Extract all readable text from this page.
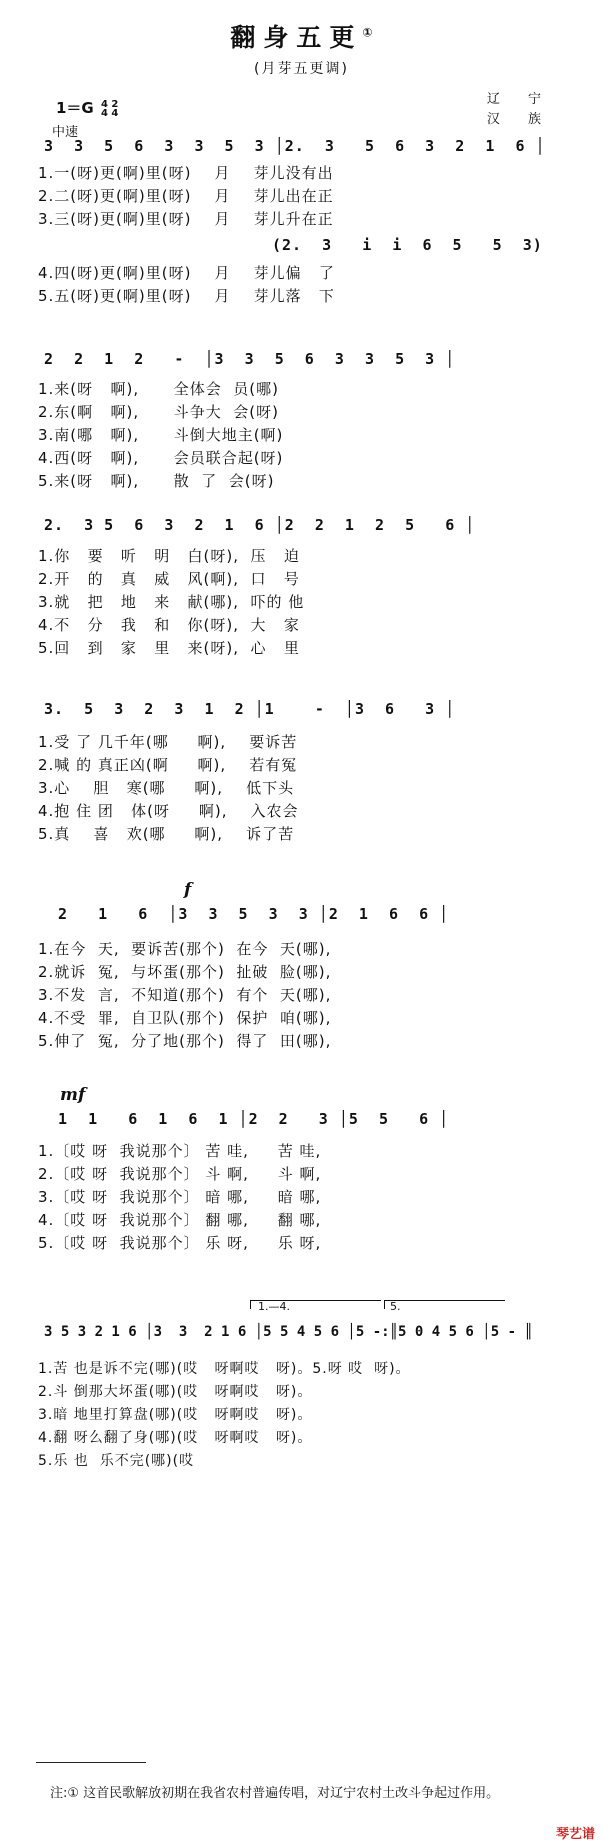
翻身五更①
(月芽五更调)
辽 宁
汉 族
1＝G 4 2
4 4
中速
3  3  5  6  3  3  5  3 │2.  3   5  6  3  2  1  6 │
1.一(呀)更(啊)里(呀)    月    芽儿没有出
2.二(呀)更(啊)里(呀)    月    芽儿出在正
3.三(呀)更(啊)里(呀)    月    芽儿升在正
(2.  3   i  i  6  5   5  3)
4.四(呀)更(啊)里(呀)    月    芽儿偏   了
5.五(呀)更(啊)里(呀)    月    芽儿落   下
2  2  1  2   -  │3  3  5  6  3  3  5  3 │
1.来(呀   啊),      全体会  员(哪)
2.东(啊   啊),      斗争大  会(呀)
3.南(哪   啊),      斗倒大地主(啊)
4.西(呀   啊),      会员联合起(呀)
5.来(呀   啊),      散  了  会(呀)
2.  3 5  6  3  2  1  6 │2  2  1  2  5   6 │
1.你   要   听   明   白(呀),  压   迫
2.开   的   真   威   风(啊),  口   号
3.就   把   地   来   献(哪),  吓的 他
4.不   分   我   和   你(呀),  大   家
5.回   到   家   里   来(呀),  心   里
3.  5  3  2  3  1  2 │1    -  │3  6   3 │
1.受 了 几千年(哪     啊),    要诉苦
2.喊 的 真正凶(啊     啊),    若有冤
3.心    胆   寒(哪     啊),    低下头
4.抱 住 团   体(呀     啊),    入农会
5.真    喜   欢(哪     啊),    诉了苦
f
2   1   6  │3  3  5  3  3 │2  1  6  6 │
1.在今  天,  要诉苦(那个)  在今  天(哪),
2.就诉  冤,  与坏蛋(那个)  扯破  脸(哪),
3.不发  言,  不知道(那个)  有个  天(哪),
4.不受  罪,  自卫队(那个)  保护  咱(哪),
5.伸了  冤,  分了地(那个)  得了  田(哪),
mf
1  1   6  1  6  1 │2  2   3 │5  5   6 │
1.〔哎 呀  我说那个〕 苦 哇,     苦 哇,
2.〔哎 呀  我说那个〕 斗 啊,     斗 啊,
3.〔哎 呀  我说那个〕 暗 哪,     暗 哪,
4.〔哎 呀  我说那个〕 翻 哪,     翻 哪,
5.〔哎 呀  我说那个〕 乐 呀,     乐 呀,
1.—4.	5.
3 5 3 2 1 6 │3  3  2 1 6 │5 5 4 5 6 │5 -:║5 0 4 5 6 │5 - ║
1.苦 也是诉不完(哪)(哎   呀啊哎   呀)。5.呀 哎  呀)。
2.斗 倒那大坏蛋(哪)(哎   呀啊哎   呀)。
3.暗 地里打算盘(哪)(哎   呀啊哎   呀)。
4.翻 呀么翻了身(哪)(哎   呀啊哎   呀)。
5.乐 也  乐不完(哪)(哎
注:① 这首民歌解放初期在我省农村普遍传唱，对辽宁农村土改斗争起过作用。
琴艺谱
